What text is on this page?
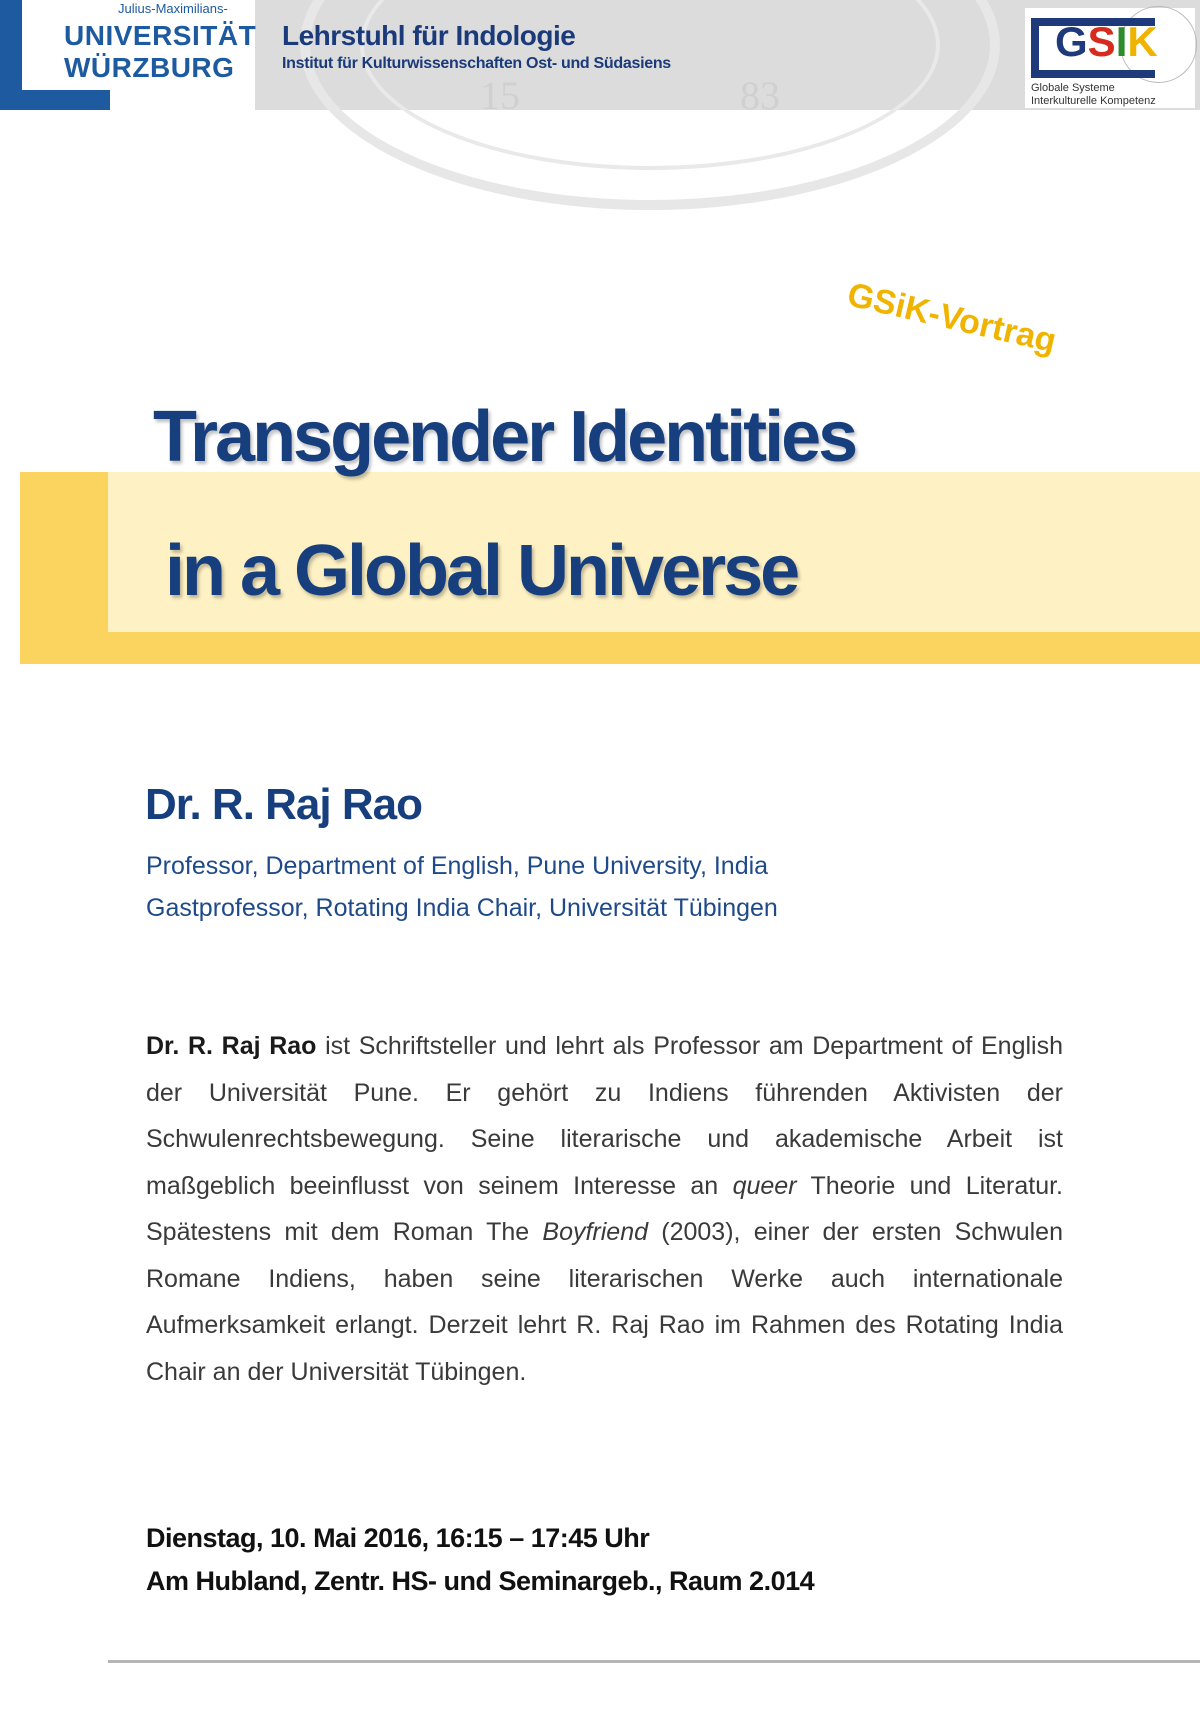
15	83
Julius-Maximilians-
UNIVERSITÄT
WÜRZBURG
Lehrstuhl für Indologie
Institut für Kulturwissenschaften Ost- und Südasiens	GSIK
Globale Systeme
Interkulturelle Kompetenz
GSiK-Vortrag
Transgender Identities
in a Global Universe
Dr. R. Raj Rao
Professor, Department of English, Pune University, India
Gastprofessor, Rotating India Chair, Universität Tübingen

Dr. R. Raj Rao ist Schriftsteller und lehrt als Professor am Department of English der Universität Pune. Er gehört zu Indiens führenden Aktivisten der Schwulenrechtsbewegung. Seine literarische und akademische Arbeit ist maßgeblich beeinflusst von seinem Interesse an queer Theorie und Literatur. Spätestens mit dem Roman The Boyfriend (2003), einer der ersten Schwulen Romane Indiens, haben seine literarischen Werke auch internationale Aufmerksamkeit erlangt. Derzeit lehrt R. Raj Rao im Rahmen des Rotating India Chair an der Universität Tübingen.

Dienstag, 10. Mai 2016, 16:15 – 17:45 Uhr
Am Hubland, Zentr. HS- und Seminargeb., Raum 2.014
